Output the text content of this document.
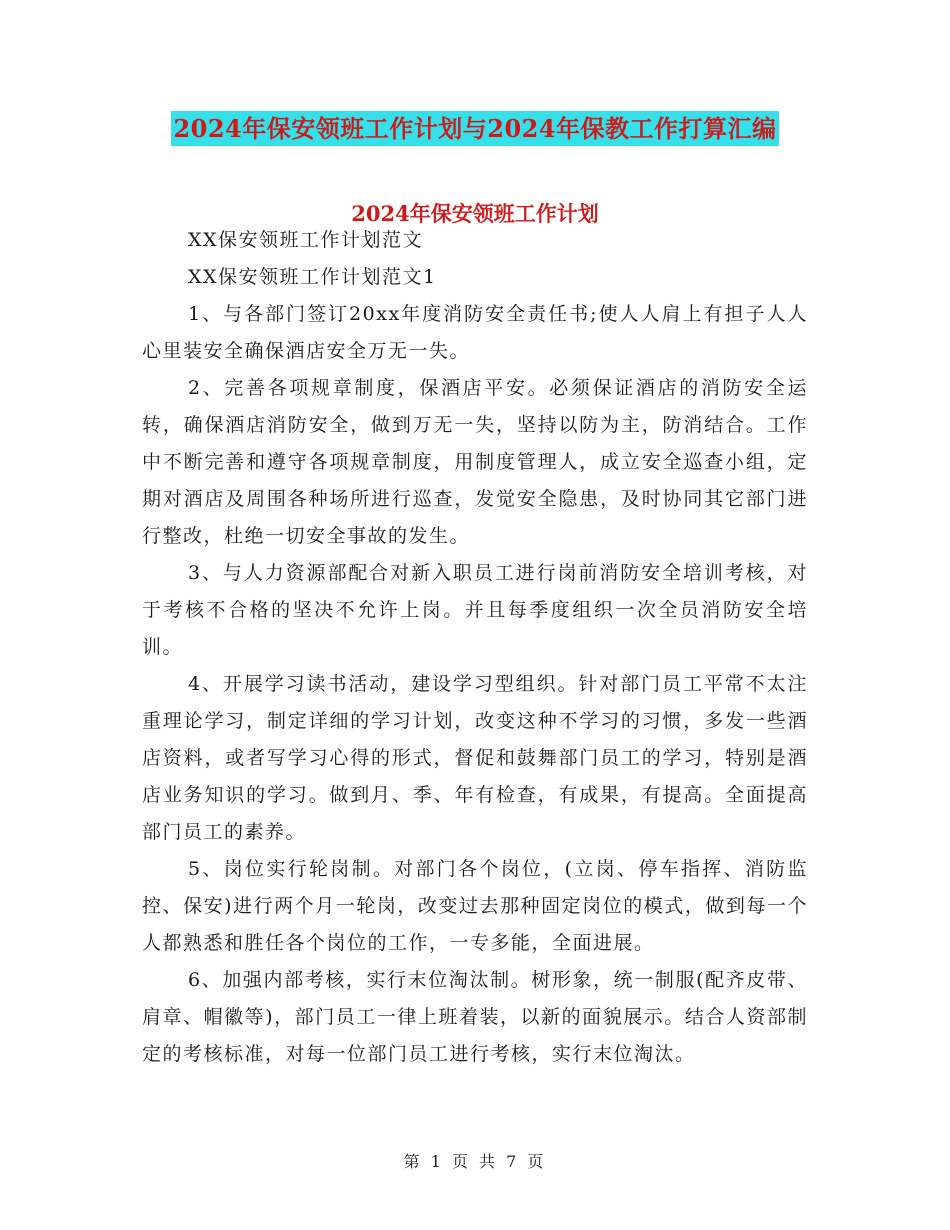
2024年保安领班工作计划与2024年保教工作打算汇编
2024年保安领班工作计划

XX保安领班工作计划范文

XX保安领班工作计划范文1

1、与各部门签订20xx年度消防安全责任书;使人人肩上有担子人人心里装安全确保酒店安全万无一失。

2、完善各项规章制度，保酒店平安。必须保证酒店的消防安全运转，确保酒店消防安全，做到万无一失，坚持以防为主，防消结合。工作中不断完善和遵守各项规章制度，用制度管理人，成立安全巡查小组，定期对酒店及周围各种场所进行巡查，发觉安全隐患，及时协同其它部门进行整改，杜绝一切安全事故的发生。

3、与人力资源部配合对新入职员工进行岗前消防安全培训考核，对于考核不合格的坚决不允许上岗。并且每季度组织一次全员消防安全培训。

4、开展学习读书活动，建设学习型组织。针对部门员工平常不太注重理论学习，制定详细的学习计划，改变这种不学习的习惯，多发一些酒店资料，或者写学习心得的形式，督促和鼓舞部门员工的学习，特别是酒店业务知识的学习。做到月、季、年有检查，有成果，有提高。全面提高部门员工的素养。

5、岗位实行轮岗制。对部门各个岗位，(立岗、停车指挥、消防监控、保安)进行两个月一轮岗，改变过去那种固定岗位的模式，做到每一个人都熟悉和胜任各个岗位的工作，一专多能，全面进展。

6、加强内部考核，实行末位淘汰制。树形象，统一制服(配齐皮带、肩章、帽徽等)，部门员工一律上班着装，以新的面貌展示。结合人资部制定的考核标准，对每一位部门员工进行考核，实行末位淘汰。

第 1 页 共 7 页
